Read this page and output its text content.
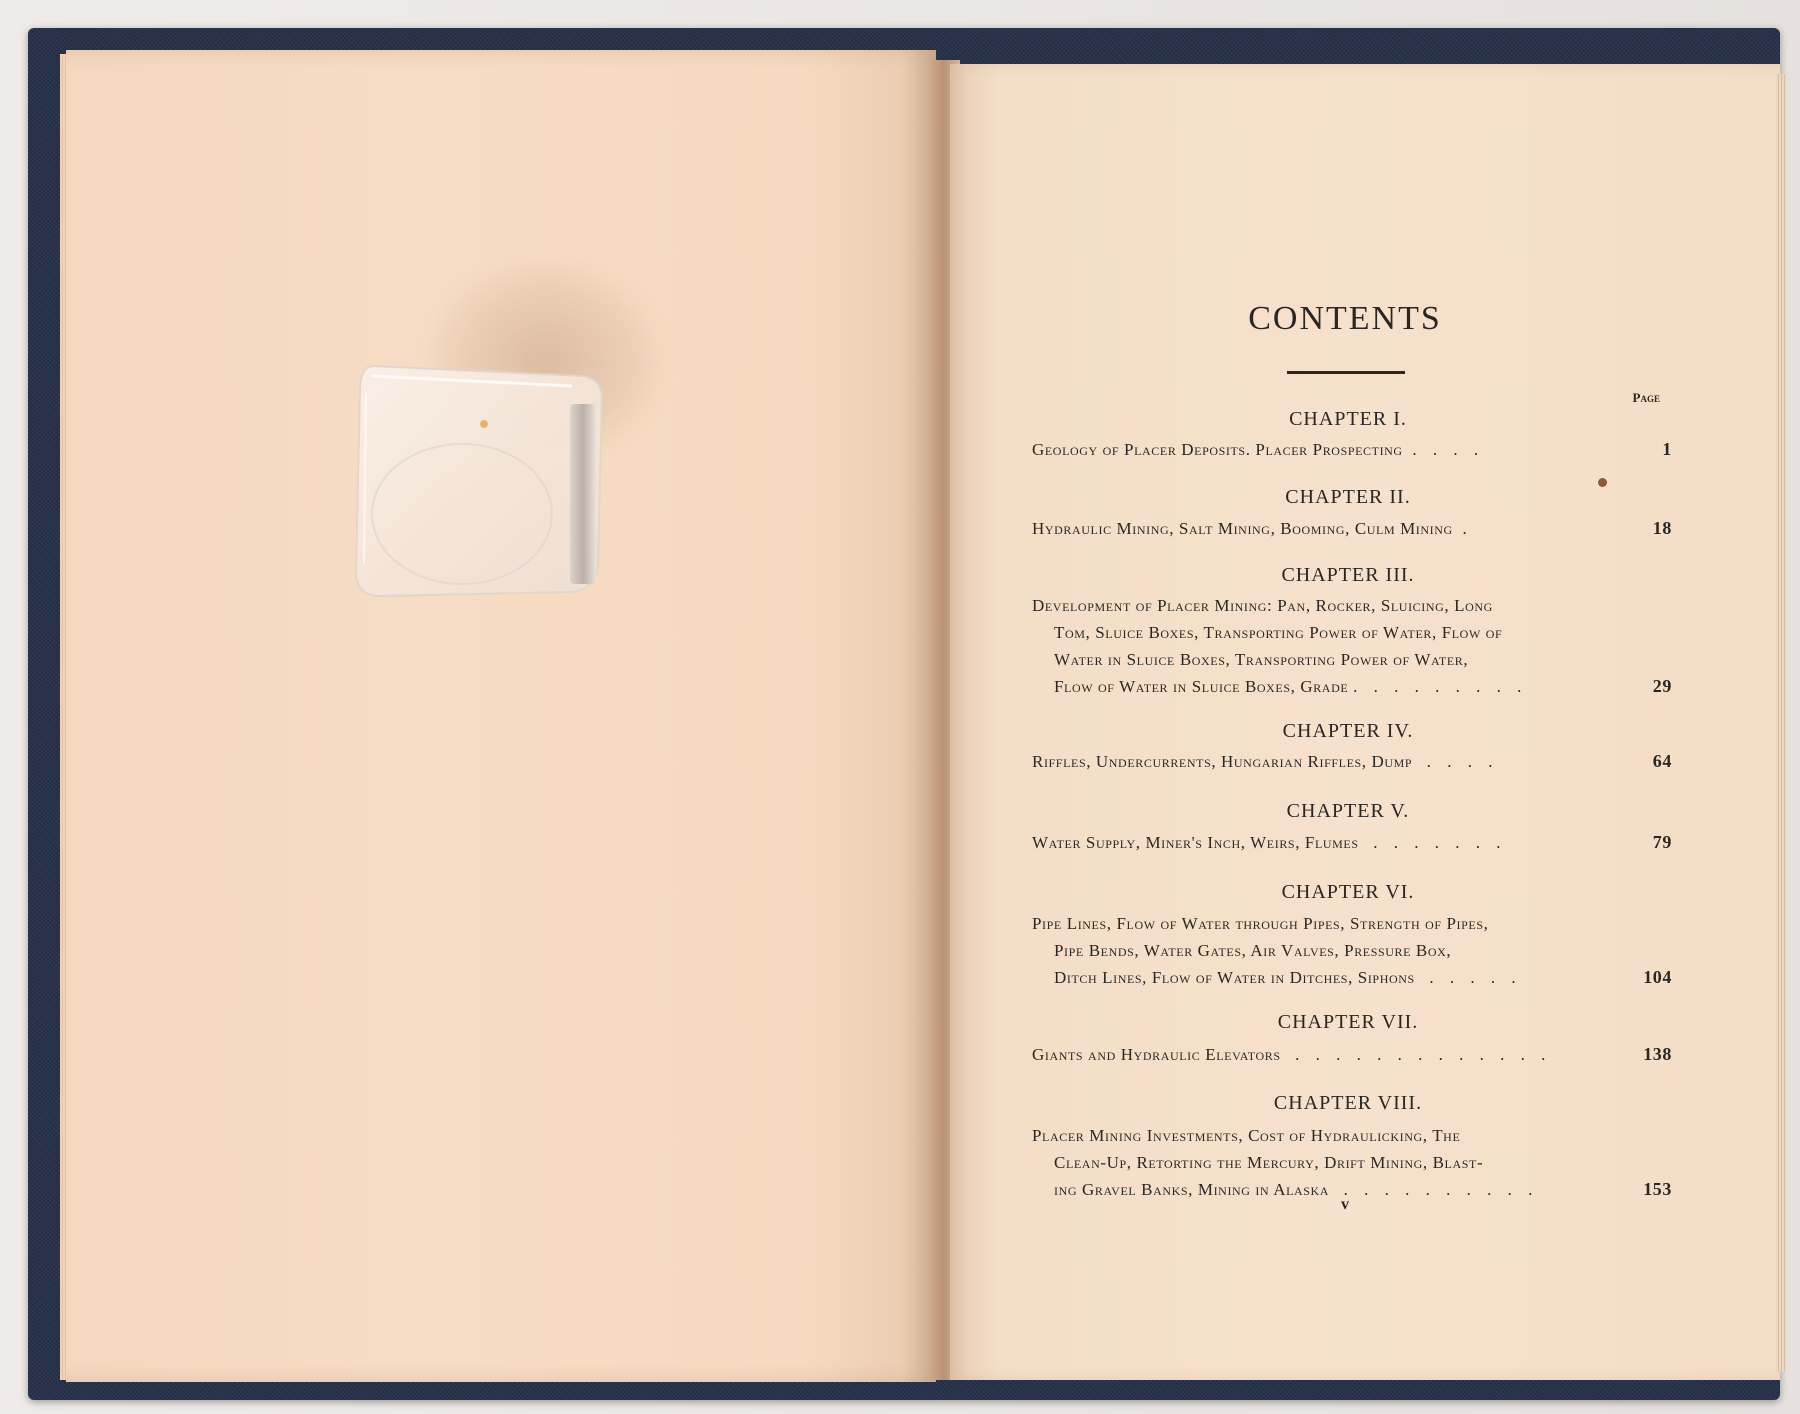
CONTENTS
Page
CHAPTER I.
Geology of Placer Deposits. Placer Prospecting . . . .	1
CHAPTER II.
Hydraulic Mining, Salt Mining, Booming, Culm Mining .	18
CHAPTER III.
Development of Placer Mining: Pan, Rocker, Sluicing, Long
Tom, Sluice Boxes, Transporting Power of Water, Flow of
Water in Sluice Boxes, Transporting Power of Water,
Flow of Water in Sluice Boxes, Grade . . . . . . . . .	29
CHAPTER IV.
Riffles, Undercurrents, Hungarian Riffles, Dump . . . .	64
CHAPTER V.
Water Supply, Miner's Inch, Weirs, Flumes . . . . . . .	79
CHAPTER VI.
Pipe Lines, Flow of Water through Pipes, Strength of Pipes,
Pipe Bends, Water Gates, Air Valves, Pressure Box,
Ditch Lines, Flow of Water in Ditches, Siphons . . . . .	104
CHAPTER VII.
Giants and Hydraulic Elevators . . . . . . . . . . . . .	138
CHAPTER VIII.
Placer Mining Investments, Cost of Hydraulicking, The
Clean-Up, Retorting the Mercury, Drift Mining, Blast-
ing Gravel Banks, Mining in Alaska . . . . . . . . . .	153
v
